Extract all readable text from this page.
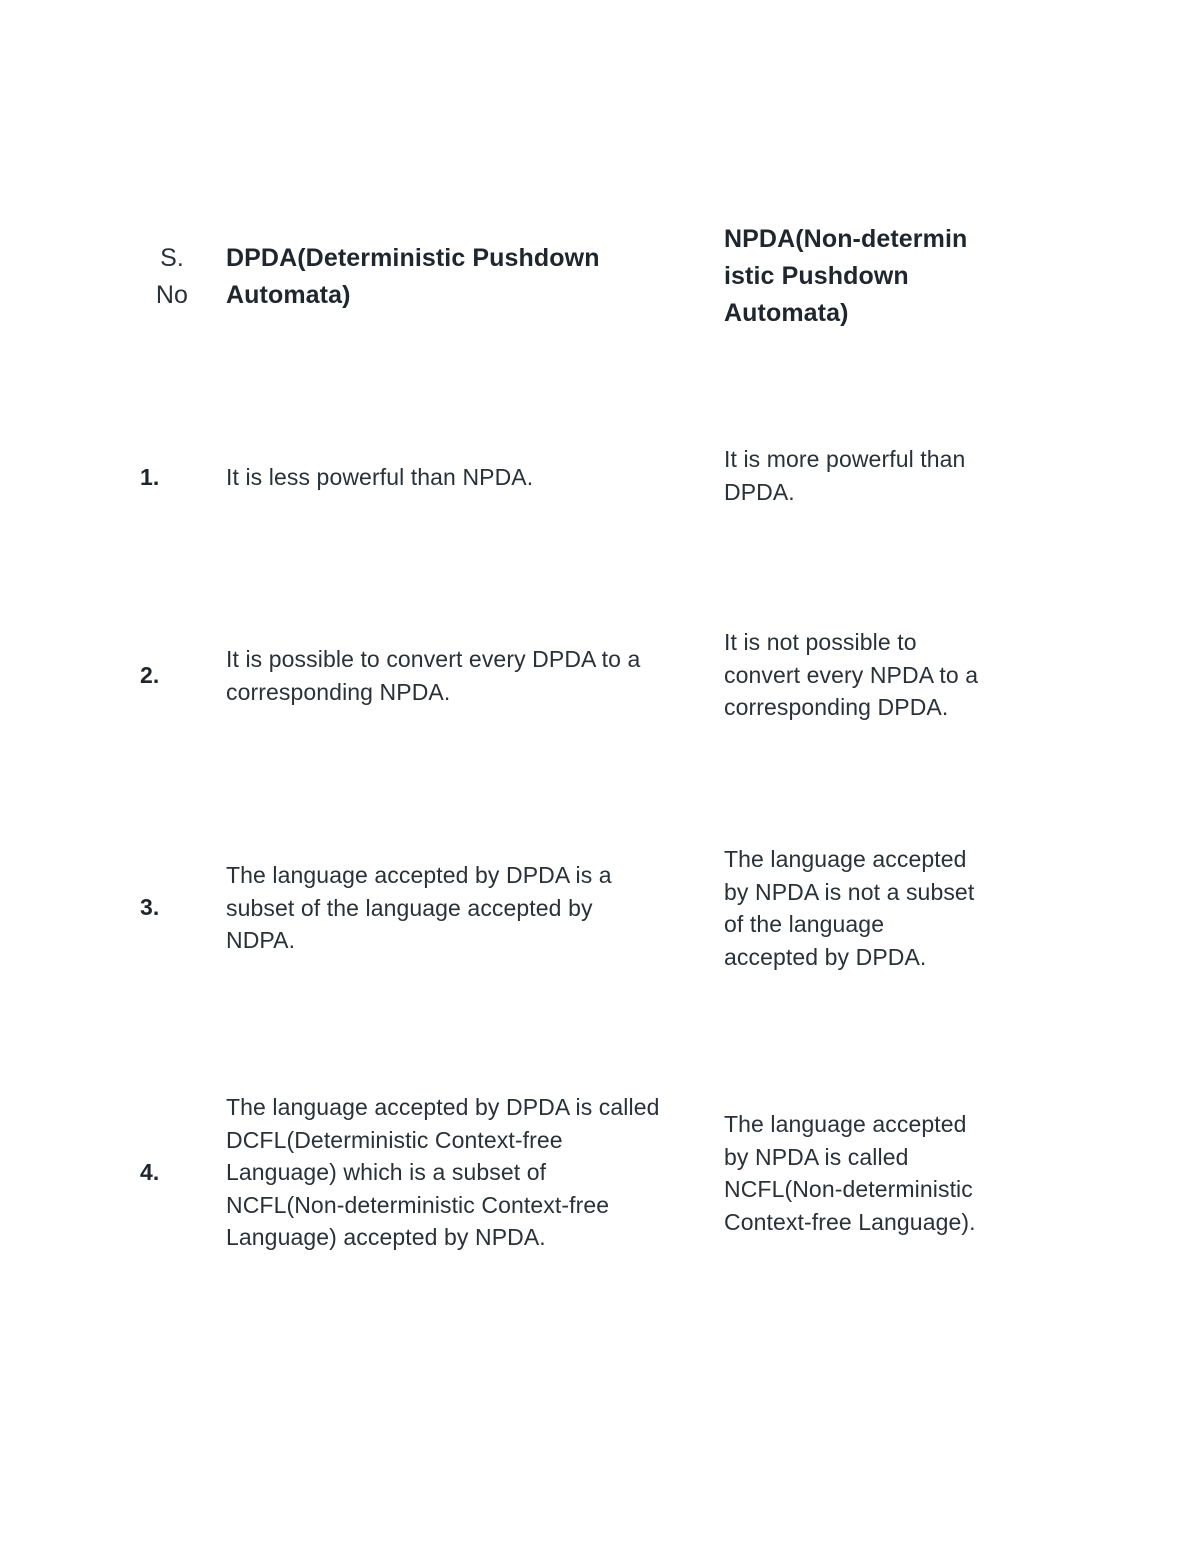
S.
No
DPDA(Deterministic Pushdown
Automata)
NPDA(Non-determin
istic Pushdown
Automata)
1.	It is less powerful than NPDA.
It is more powerful than
DPDA.
2.
It is possible to convert every DPDA to a
corresponding NPDA.
It is not possible to
convert every NPDA to a
corresponding DPDA.
3.
The language accepted by DPDA is a
subset of the language accepted by
NDPA.
The language accepted
by NPDA is not a subset
of the language
accepted by DPDA.
4.
The language accepted by DPDA is called
DCFL(Deterministic Context-free
Language) which is a subset of
NCFL(Non-deterministic Context-free
Language) accepted by NPDA.
The language accepted
by NPDA is called
NCFL(Non-deterministic
Context-free Language).
